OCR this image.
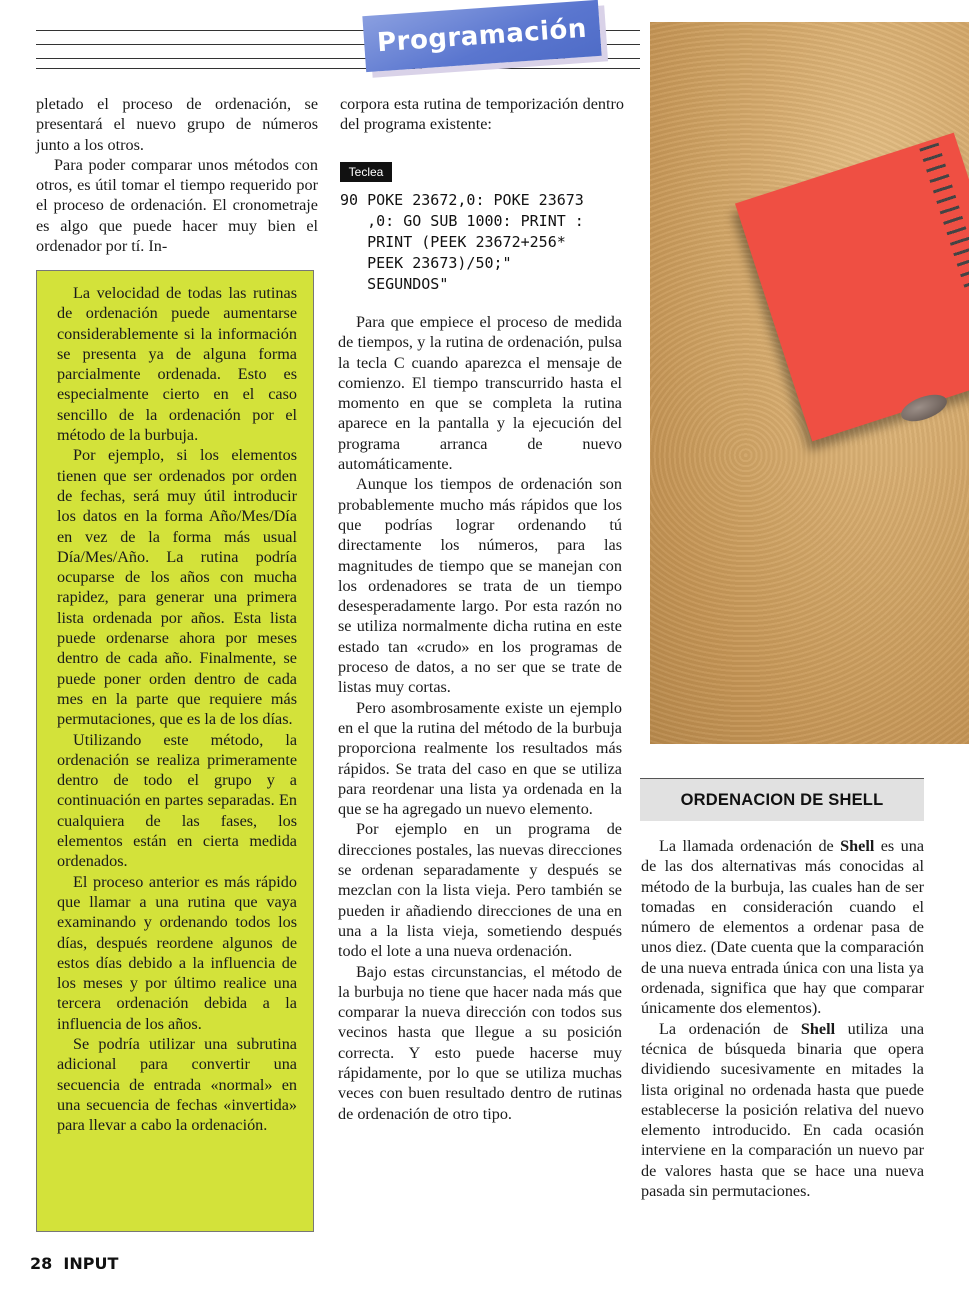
Programación

pletado el proceso de ordenación, se presentará el nuevo grupo de números junto a los otros.

Para poder comparar unos métodos con otros, es útil tomar el tiempo requerido por el proceso de ordenación. El cronometraje es algo que puede hacer muy bien el ordenador por tí. In-

La velocidad de todas las rutinas de ordenación puede aumentarse considerablemente si la información se presenta ya de alguna forma parcialmente ordenada. Esto es especialmente cierto en el caso sencillo de la ordenación por el método de la burbuja.

Por ejemplo, si los elementos tienen que ser ordenados por orden de fechas, será muy útil introducir los datos en la forma Año/Mes/Día en vez de la forma más usual Día/Mes/Año. La rutina podría ocuparse de los años con mucha rapidez, para generar una primera lista ordenada por años. Esta lista puede ordenarse ahora por meses dentro de cada año. Finalmente, se puede poner orden dentro de cada mes en la parte que requiere más permutaciones, que es la de los días.

Utilizando este método, la ordenación se realiza primeramente dentro de todo el grupo y a continuación en partes separadas. En cualquiera de las fases, los elementos están en cierta medida ordenados.

El proceso anterior es más rápido que llamar a una rutina que vaya examinando y ordenando todos los días, después reordene algunos de estos días debido a la influencia de los meses y por último realice una tercera ordenación debida a la influencia de los años.

Se podría utilizar una subrutina adicional para convertir una secuencia de entrada «normal» en una secuencia de fechas «invertida» para llevar a cabo la ordenación.

corpora esta rutina de temporización dentro del programa existente:

Teclea
90 POKE 23672,0: POKE 23673
,0: GO SUB 1000: PRINT :
PRINT (PEEK 23672+256*
PEEK 23673)/50;"
SEGUNDOS"

Para que empiece el proceso de medida de tiempos, y la rutina de ordenación, pulsa la tecla C cuando aparezca el mensaje de comienzo. El tiempo transcurrido hasta el momento en que se completa la rutina aparece en la pantalla y la ejecución del programa arranca de nuevo automáticamente.

Aunque los tiempos de ordenación son probablemente mucho más rápidos que los que podrías lograr ordenando tú directamente los números, para las magnitudes de tiempo que se manejan con los ordenadores se trata de un tiempo desesperadamente largo. Por esta razón no se utiliza normalmente dicha rutina en este estado tan «crudo» en los programas de proceso de datos, a no ser que se trate de listas muy cortas.

Pero asombrosamente existe un ejemplo en el que la rutina del método de la burbuja proporciona realmente los resultados más rápidos. Se trata del caso en que se utiliza para reordenar una lista ya ordenada en la que se ha agregado un nuevo elemento.

Por ejemplo en un programa de direcciones postales, las nuevas direcciones se ordenan separadamente y después se mezclan con la lista vieja. Pero también se pueden ir añadiendo direcciones de una en una a la lista vieja, sometiendo después todo el lote a una nueva ordenación.

Bajo estas circunstancias, el método de la burbuja no tiene que hacer nada más que comparar la nueva dirección con todos sus vecinos hasta que llegue a su posición correcta. Y esto puede hacerse muy rápidamente, por lo que se utiliza muchas veces con buen resultado dentro de rutinas de ordenación de otro tipo.

ORDENACION DE SHELL

La llamada ordenación de Shell es una de las dos alternativas más conocidas al método de la burbuja, las cuales han de ser tomadas en consideración cuando el número de elementos a ordenar pasa de unos diez. (Date cuenta que la comparación de una nueva entrada única con una lista ya ordenada, significa que hay que comparar únicamente dos elementos).

La ordenación de Shell utiliza una técnica de búsqueda binaria que opera dividiendo sucesivamente en mitades la lista original no ordenada hasta que puede establecerse la posición relativa del nuevo elemento introducido. En cada ocasión interviene en la comparación un nuevo par de valores hasta que se hace una nueva pasada sin permutaciones.

28 INPUT
